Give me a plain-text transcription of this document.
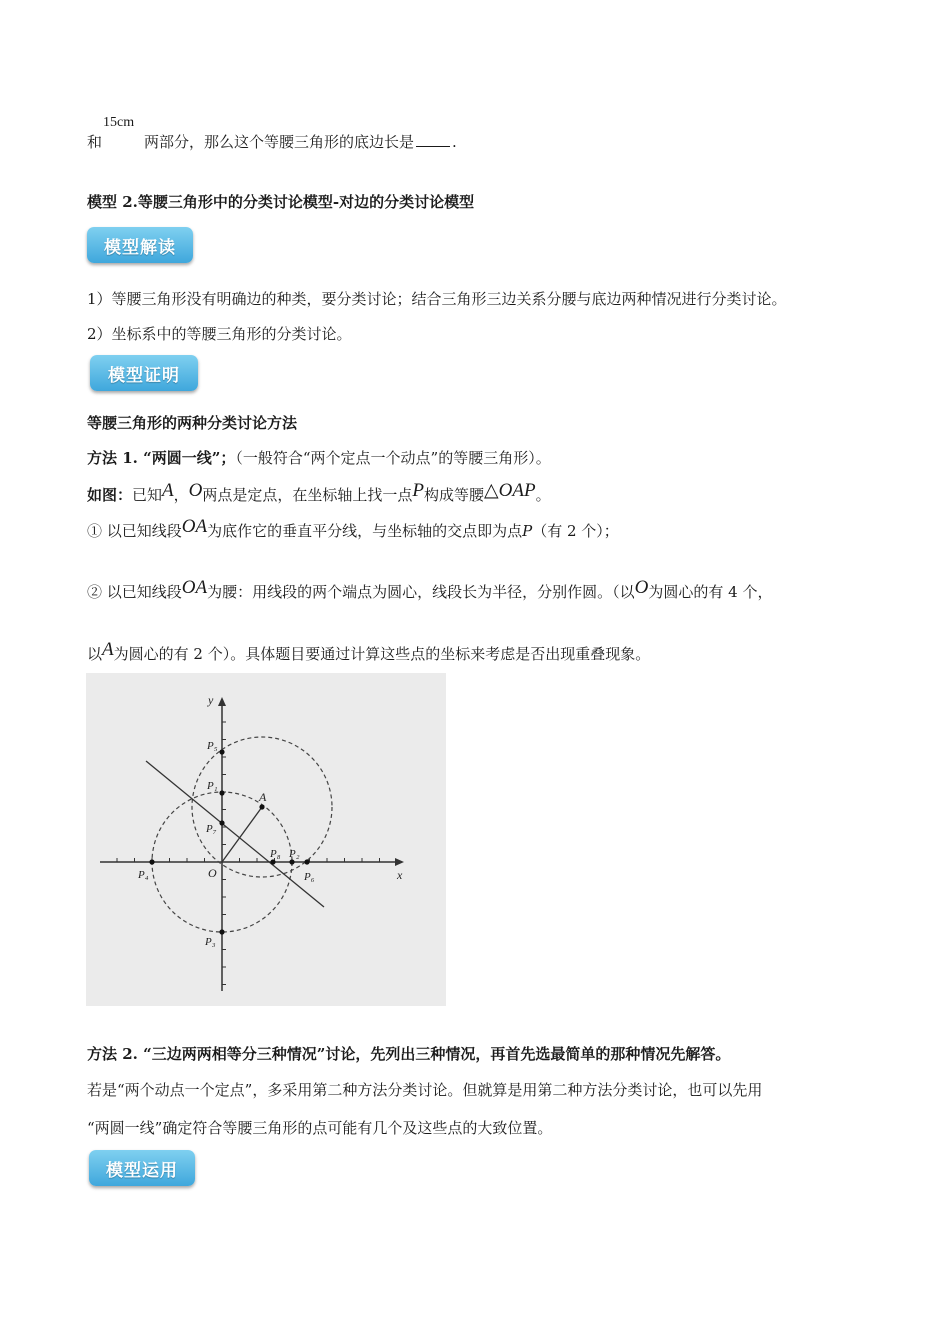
15cm
和	两部分，那么这个等腰三角形的底边长是	.
模型 2.等腰三角形中的分类讨论模型-对边的分类讨论模型
模型解读
1）等腰三角形没有明确边的种类，要分类讨论；结合三角形三边关系分腰与底边两种情况进行分类讨论。
2）坐标系中的等腰三角形的分类讨论。
模型证明
等腰三角形的两种分类讨论方法
方法 1. “两圆一线”；（一般符合“两个定点一个动点”的等腰三角形）。
如图：已知A，O两点是定点，在坐标轴上找一点P构成等腰△OAP。
① 以已知线段OA为底作它的垂直平分线，与坐标轴的交点即为点P（有 2 个）；
② 以已知线段OA为腰：用线段的两个端点为圆心，线段长为半径，分别作圆。（以O为圆心的有 4 个，
以A为圆心的有 2 个）。具体题目要通过计算这些点的坐标来考虑是否出现重叠现象。
y
x
O
A
P₁
P₂
P₃
P₄
P₅
P₆
P₇
P₈
方法 2. “三边两两相等分三种情况”讨论，先列出三种情况，再首先选最简单的那种情况先解答。
若是“两个动点一个定点”，多采用第二种方法分类讨论。但就算是用第二种方法分类讨论，也可以先用
“两圆一线”确定符合等腰三角形的点可能有几个及这些点的大致位置。
模型运用
